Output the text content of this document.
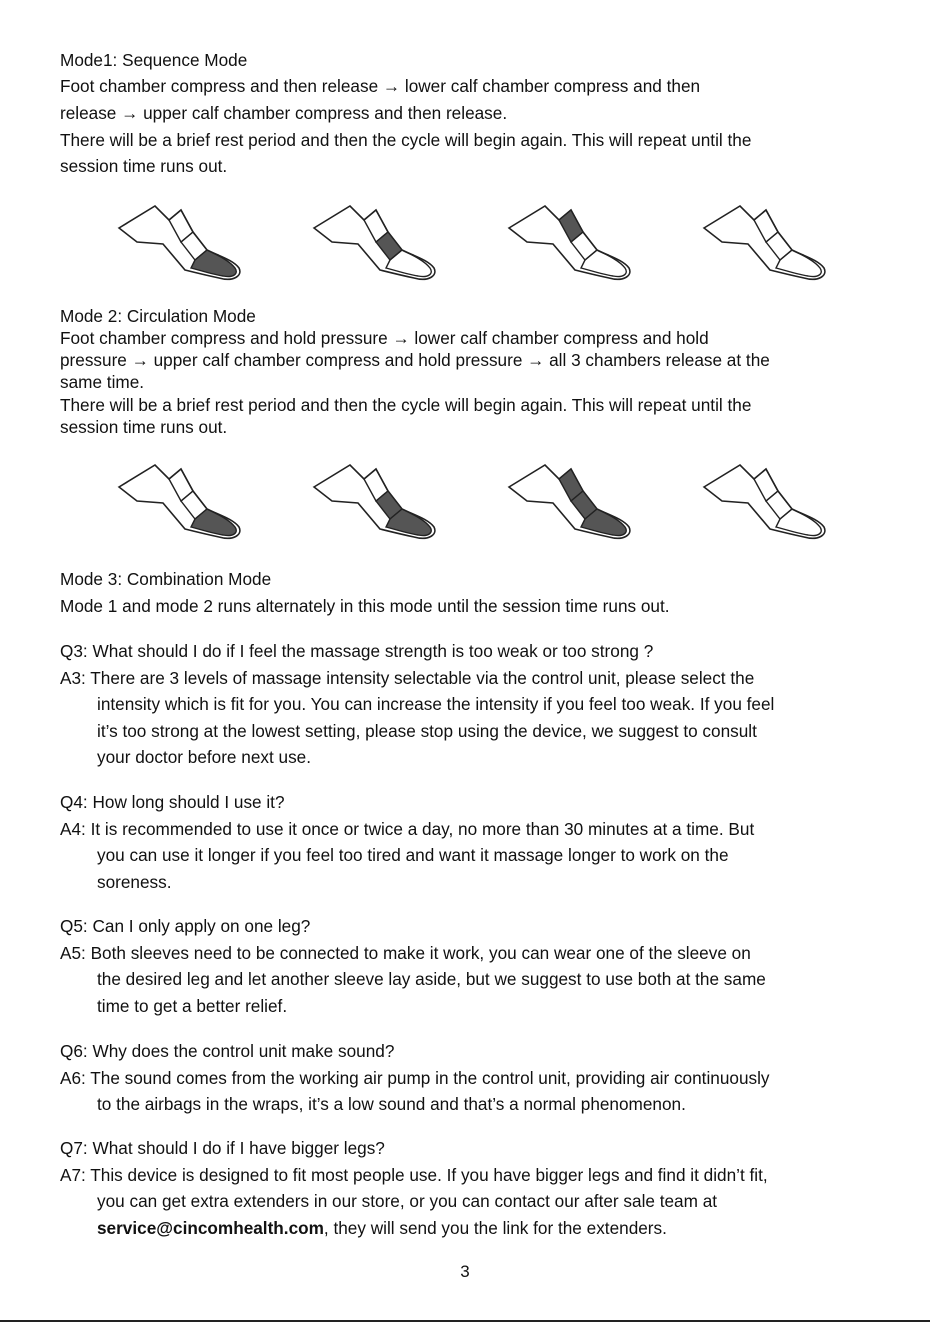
Mode1: Sequence Mode

Foot chamber compress and then release → lower calf chamber compress and then

release → upper calf chamber compress and then release.

There will be a brief rest period and then the cycle will begin again. This will repeat until the

session time runs out.

Mode 2: Circulation Mode

Foot chamber compress and hold pressure → lower calf chamber compress and hold

pressure → upper calf chamber compress and hold pressure → all 3 chambers release at the

same time.

There will be a brief rest period and then the cycle will begin again. This will repeat until the

session time runs out.

Mode 3: Combination Mode

Mode 1 and mode 2 runs alternately in this mode until the session time runs out.

Q3: What should I do if I feel the massage strength is too weak or too strong ?

A3: There are 3 levels of massage intensity selectable via the control unit, please select the

intensity which is fit for you. You can increase the intensity if you feel too weak. If you feel

it’s too strong at the lowest setting, please stop using the device, we suggest to consult

your doctor before next use.

Q4: How long should I use it?

A4: It is recommended to use it once or twice a day, no more than 30 minutes at a time. But

you can use it longer if you feel too tired and want it massage longer to work on the

soreness.

Q5: Can I only apply on one leg?

A5: Both sleeves need to be connected to make it work, you can wear one of the sleeve on

the desired leg and let another sleeve lay aside, but we suggest to use both at the same

time to get a better relief.

Q6: Why does the control unit make sound?

A6: The sound comes from the working air pump in the control unit, providing air continuously

to the airbags in the wraps, it’s a low sound and that’s a normal phenomenon.

Q7: What should I do if I have bigger legs?

A7: This device is designed to fit most people use. If you have bigger legs and find it didn’t fit,

you can get extra extenders in our store, or you can contact our after sale team at

service@cincomhealth.com, they will send you the link for the extenders.

3
